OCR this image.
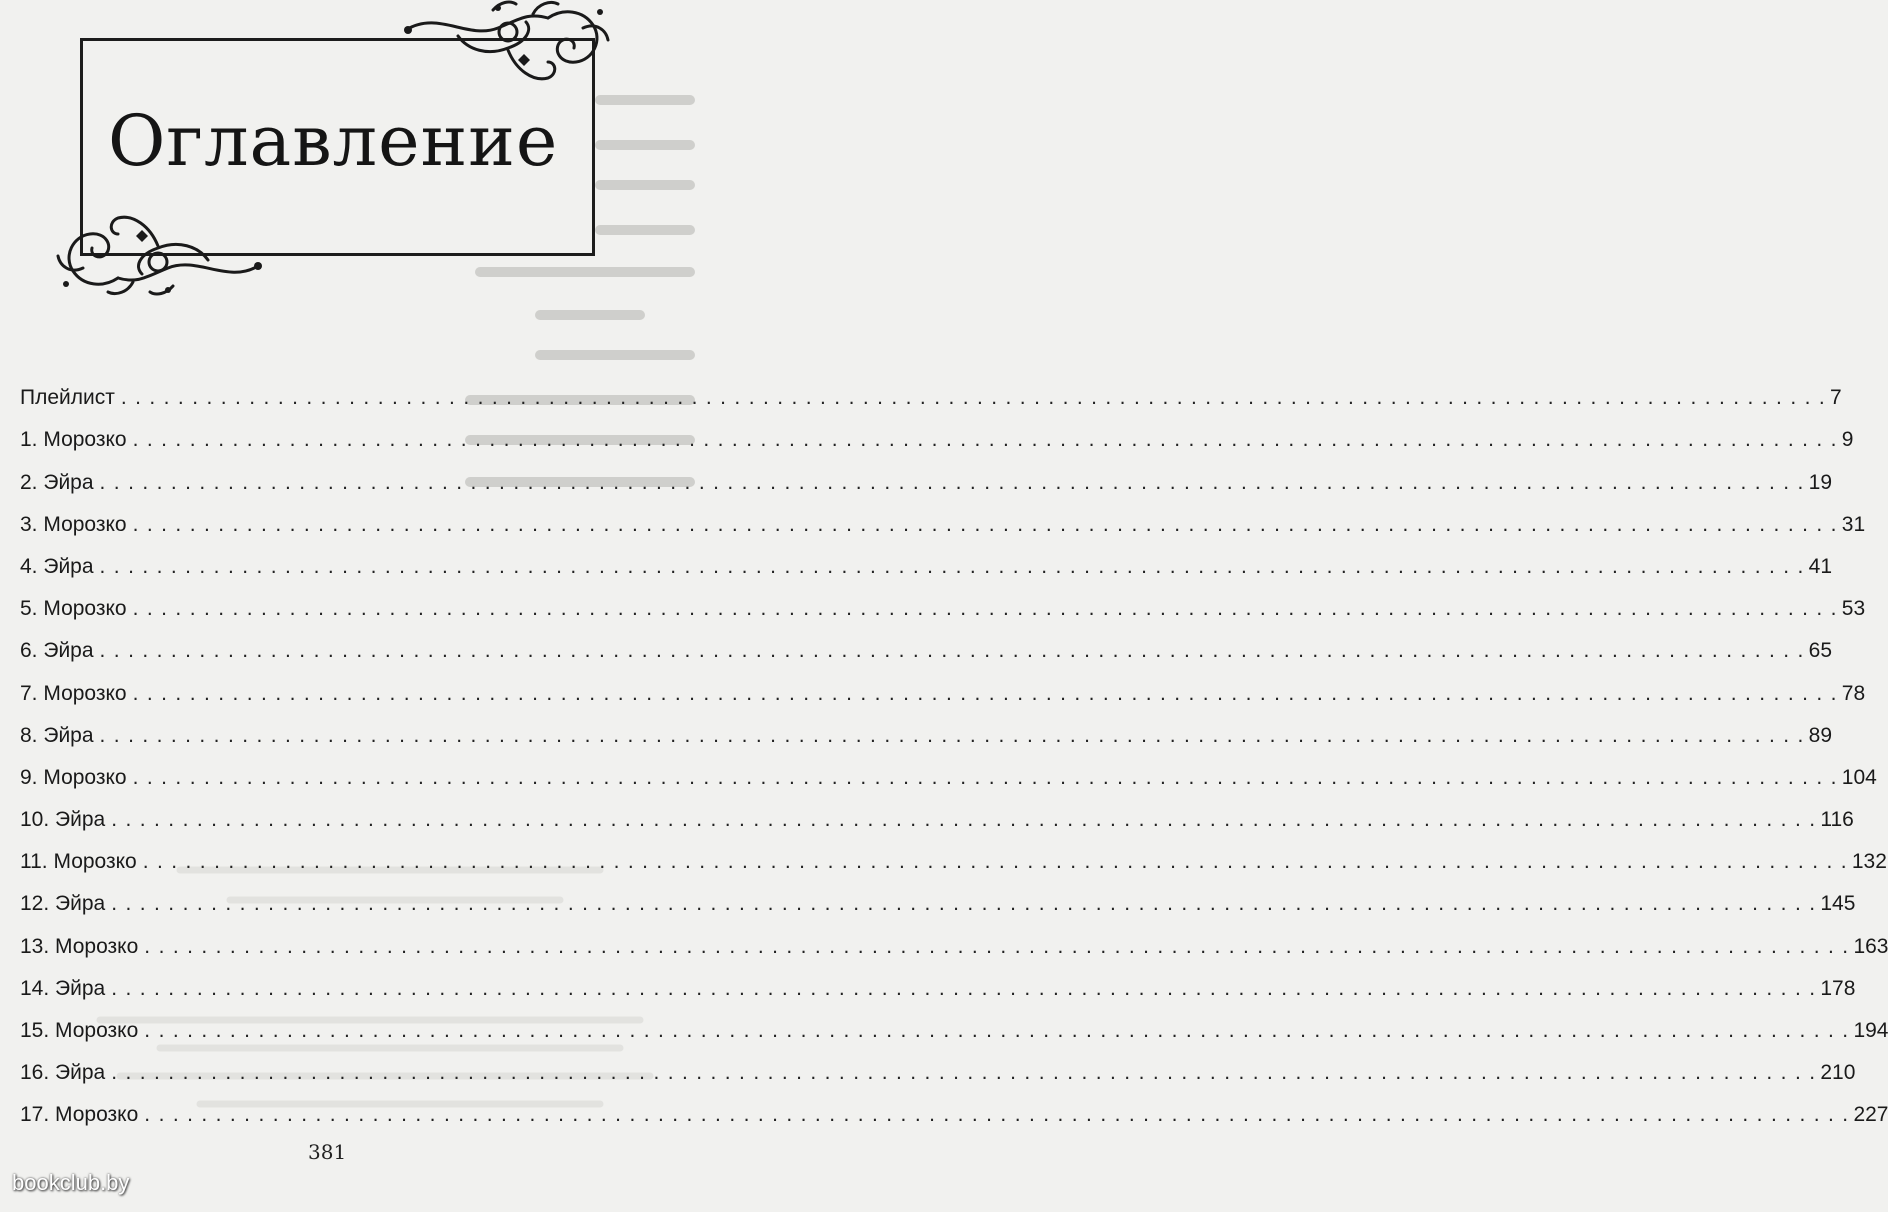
Оглавление
Плейлист . . . . . . . . . . . . . . . . . . . . . . . . . . . . . . . . . . . . . . . . . . . . . . . . . . . . . . . . . . . . . . . . . . . . . . . . . . . . . . . . . . . . . . . . . . . . . . . . . . . . . . . . . . . . . . . . . . . . . . . . 7
1. Морозко . . . . . . . . . . . . . . . . . . . . . . . . . . . . . . . . . . . . . . . . . . . . . . . . . . . . . . . . . . . . . . . . . . . . . . . . . . . . . . . . . . . . . . . . . . . . . . . . . . . . . . . . . . . . . . . . . . . . . . . . 9
2. Эйра . . . . . . . . . . . . . . . . . . . . . . . . . . . . . . . . . . . . . . . . . . . . . . . . . . . . . . . . . . . . . . . . . . . . . . . . . . . . . . . . . . . . . . . . . . . . . . . . . . . . . . . . . . . . . . . . . . . . . . . . 19
3. Морозко . . . . . . . . . . . . . . . . . . . . . . . . . . . . . . . . . . . . . . . . . . . . . . . . . . . . . . . . . . . . . . . . . . . . . . . . . . . . . . . . . . . . . . . . . . . . . . . . . . . . . . . . . . . . . . . . . . . . . . . . 31
4. Эйра . . . . . . . . . . . . . . . . . . . . . . . . . . . . . . . . . . . . . . . . . . . . . . . . . . . . . . . . . . . . . . . . . . . . . . . . . . . . . . . . . . . . . . . . . . . . . . . . . . . . . . . . . . . . . . . . . . . . . . . . 41
5. Морозко . . . . . . . . . . . . . . . . . . . . . . . . . . . . . . . . . . . . . . . . . . . . . . . . . . . . . . . . . . . . . . . . . . . . . . . . . . . . . . . . . . . . . . . . . . . . . . . . . . . . . . . . . . . . . . . . . . . . . . . . 53
6. Эйра . . . . . . . . . . . . . . . . . . . . . . . . . . . . . . . . . . . . . . . . . . . . . . . . . . . . . . . . . . . . . . . . . . . . . . . . . . . . . . . . . . . . . . . . . . . . . . . . . . . . . . . . . . . . . . . . . . . . . . . . 65
7. Морозко . . . . . . . . . . . . . . . . . . . . . . . . . . . . . . . . . . . . . . . . . . . . . . . . . . . . . . . . . . . . . . . . . . . . . . . . . . . . . . . . . . . . . . . . . . . . . . . . . . . . . . . . . . . . . . . . . . . . . . . . 78
8. Эйра . . . . . . . . . . . . . . . . . . . . . . . . . . . . . . . . . . . . . . . . . . . . . . . . . . . . . . . . . . . . . . . . . . . . . . . . . . . . . . . . . . . . . . . . . . . . . . . . . . . . . . . . . . . . . . . . . . . . . . . . 89
9. Морозко . . . . . . . . . . . . . . . . . . . . . . . . . . . . . . . . . . . . . . . . . . . . . . . . . . . . . . . . . . . . . . . . . . . . . . . . . . . . . . . . . . . . . . . . . . . . . . . . . . . . . . . . . . . . . . . . . . . . . . . . 104
10. Эйра . . . . . . . . . . . . . . . . . . . . . . . . . . . . . . . . . . . . . . . . . . . . . . . . . . . . . . . . . . . . . . . . . . . . . . . . . . . . . . . . . . . . . . . . . . . . . . . . . . . . . . . . . . . . . . . . . . . . . . . . 116
11. Морозко . . . . . . . . . . . . . . . . . . . . . . . . . . . . . . . . . . . . . . . . . . . . . . . . . . . . . . . . . . . . . . . . . . . . . . . . . . . . . . . . . . . . . . . . . . . . . . . . . . . . . . . . . . . . . . . . . . . . . . . . 132
12. Эйра . . . . . . . . . . . . . . . . . . . . . . . . . . . . . . . . . . . . . . . . . . . . . . . . . . . . . . . . . . . . . . . . . . . . . . . . . . . . . . . . . . . . . . . . . . . . . . . . . . . . . . . . . . . . . . . . . . . . . . . . 145
13. Морозко . . . . . . . . . . . . . . . . . . . . . . . . . . . . . . . . . . . . . . . . . . . . . . . . . . . . . . . . . . . . . . . . . . . . . . . . . . . . . . . . . . . . . . . . . . . . . . . . . . . . . . . . . . . . . . . . . . . . . . . . 163
14. Эйра . . . . . . . . . . . . . . . . . . . . . . . . . . . . . . . . . . . . . . . . . . . . . . . . . . . . . . . . . . . . . . . . . . . . . . . . . . . . . . . . . . . . . . . . . . . . . . . . . . . . . . . . . . . . . . . . . . . . . . . . 178
15. Морозко . . . . . . . . . . . . . . . . . . . . . . . . . . . . . . . . . . . . . . . . . . . . . . . . . . . . . . . . . . . . . . . . . . . . . . . . . . . . . . . . . . . . . . . . . . . . . . . . . . . . . . . . . . . . . . . . . . . . . . . . 194
16. Эйра . . . . . . . . . . . . . . . . . . . . . . . . . . . . . . . . . . . . . . . . . . . . . . . . . . . . . . . . . . . . . . . . . . . . . . . . . . . . . . . . . . . . . . . . . . . . . . . . . . . . . . . . . . . . . . . . . . . . . . . . 210
17. Морозко . . . . . . . . . . . . . . . . . . . . . . . . . . . . . . . . . . . . . . . . . . . . . . . . . . . . . . . . . . . . . . . . . . . . . . . . . . . . . . . . . . . . . . . . . . . . . . . . . . . . . . . . . . . . . . . . . . . . . . . . 227
381
bookclub.by
